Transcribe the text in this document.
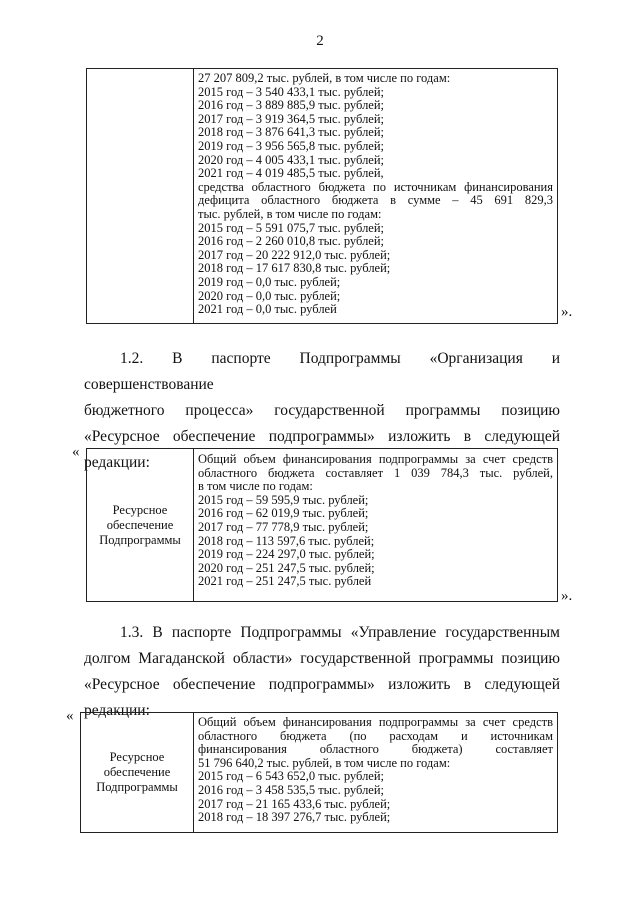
2

27 207 809,2 тыс. рублей, в том числе по годам:
2015 год – 3 540 433,1 тыс. рублей;
2016 год – 3 889 885,9 тыс. рублей;
2017 год – 3 919 364,5 тыс. рублей;
2018 год – 3 876 641,3 тыс. рублей;
2019 год – 3 956 565,8 тыс. рублей;
2020 год – 4 005 433,1 тыс. рублей;
2021 год – 4 019 485,5 тыс. рублей,
средства областного бюджета по источникам финансирования
дефицита областного бюджета в сумме – 45 691 829,3
тыс. рублей, в том числе по годам:
2015 год – 5 591 075,7 тыс. рублей;
2016 год – 2 260 010,8 тыс. рублей;
2017 год – 20 222 912,0 тыс. рублей;
2018 год – 17 617 830,8 тыс. рублей;
2019 год – 0,0 тыс. рублей;
2020 год – 0,0 тыс. рублей;
2021 год – 0,0 тыс. рублей	».

1.2. В паспорте Подпрограммы «Организация и совершенствование

бюджетного процесса» государственной программы позицию «Ресурсное обеспечение подпрограммы» изложить в следующей редакции:

«
Ресурсное
обеспечение
Подпрограммы

Общий объем финансирования подпрограммы за счет средств
областного бюджета составляет 1 039 784,3 тыс. рублей,
в том числе по годам:
2015 год – 59 595,9 тыс. рублей;
2016 год – 62 019,9 тыс. рублей;
2017 год – 77 778,9 тыс. рублей;
2018 год – 113 597,6 тыс. рублей;
2019 год – 224 297,0 тыс. рублей;
2020 год – 251 247,5 тыс. рублей;
2021 год – 251 247,5 тыс. рублей
».

1.3. В паспорте Подпрограммы «Управление государственным

долгом Магаданской области» государственной программы позицию «Ресурсное обеспечение подпрограммы» изложить в следующей редакции:

«
Ресурсное
обеспечение
Подпрограммы

Общий объем финансирования подпрограммы за счет средств
областного бюджета (по расходам и источникам
финансирования областного бюджета) составляет
51 796 640,2 тыс. рублей, в том числе по годам:
2015 год – 6 543 652,0 тыс. рублей;
2016 год – 3 458 535,5 тыс. рублей;
2017 год – 21 165 433,6 тыс. рублей;
2018 год – 18 397 276,7 тыс. рублей;
